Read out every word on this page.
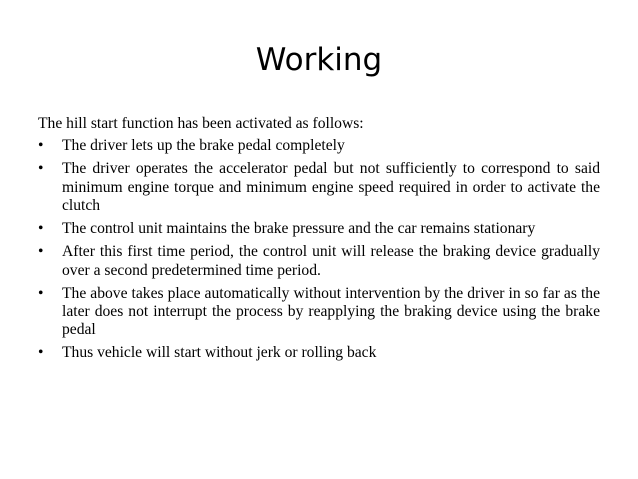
Working

The hill start function has been activated as follows:

• The driver lets up the brake pedal completely
• The driver operates the accelerator pedal but not sufficiently to correspond to said minimum engine torque and minimum engine speed required in order to activate the clutch
• The control unit maintains the brake pressure and the car remains stationary
• After this first time period, the control unit will release the braking device gradually over a second predetermined time period.
• The above takes place automatically without intervention by the driver in so far as the later does not interrupt the process by reapplying the braking device using the brake pedal
• Thus vehicle will start without jerk or rolling back
